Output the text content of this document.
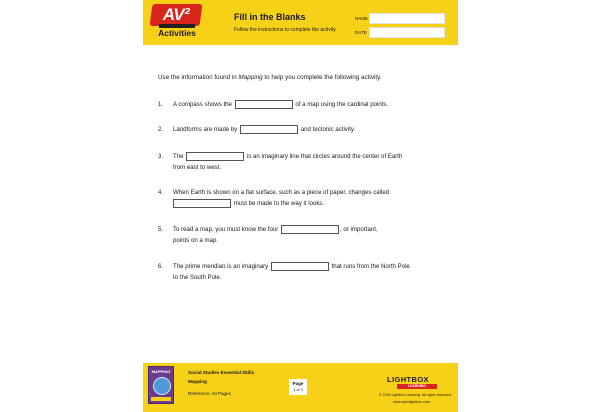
AV²
Activities
Fill in the Blanks
Follow the instructions to complete the activity.
NAME
DATE
Use the information found in Mapping to help you complete the following activity.
1. A compass shows the	of a map using the cardinal points.
2. Landforms are made by	and tectonic activity.
3. The	is an imaginary line that circles around the center of Earth
from east to west.
4. When Earth is shown on a flat surface, such as a piece of paper, changes called
must be made to the way it looks.
5. To read a map, you must know the four	, or important,
points on a map.
6. The prime meridian is an imaginary	that runs from the North Pole
to the South Pole.
MAPPING	Social Studies Essential Skills
Mapping
Reference: All Pages
Page
1 of 1
LIGHTBOX
LEARNING
© 2026 Lightbox Learning. All rights reserved.
www.openlightbox.com
